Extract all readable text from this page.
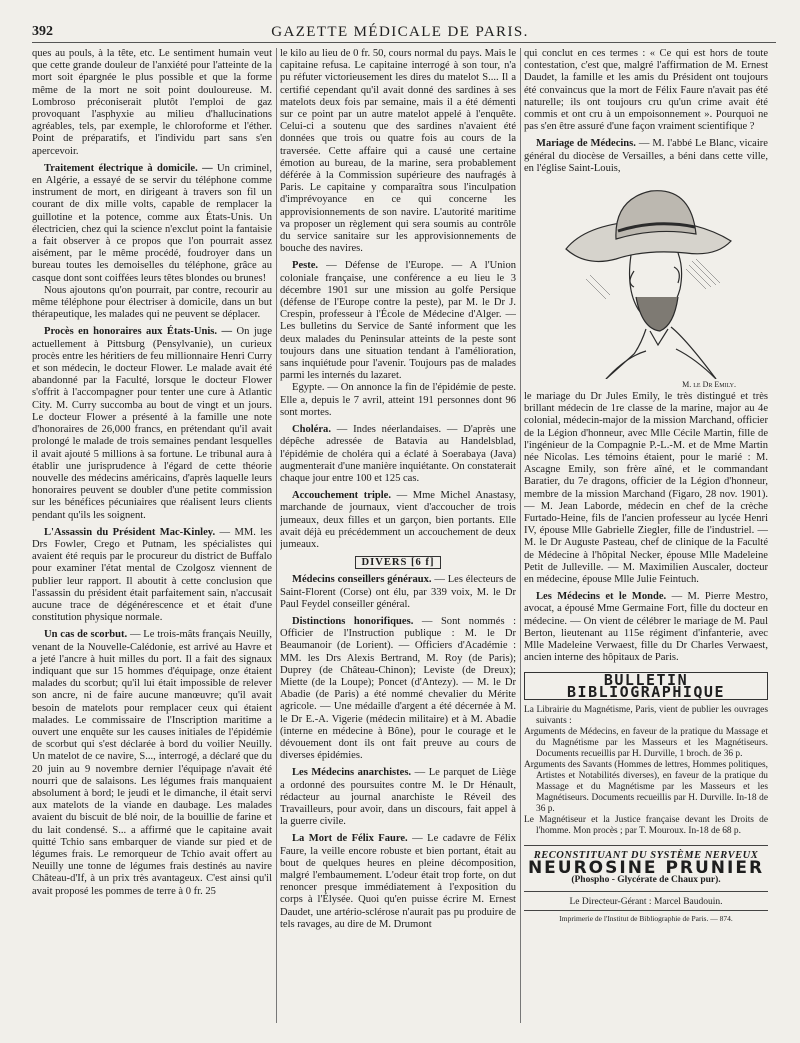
392	GAZETTE MÉDICALE DE PARIS.

ques au pouls, à la tête, etc. Le sentiment humain veut que cette grande douleur de l'anxiété pour l'atteinte de la mort soit épargnée le plus possible et que la forme même de la mort ne soit point douloureuse. M. Lombroso préconiserait plutôt l'emploi de gaz provoquant l'asphyxie au milieu d'hallucinations agréables, tels, par exemple, le chloroforme et l'éther. Point de préparatifs, et l'individu part sans s'en apercevoir.

Traitement électrique à domicile. — Un criminel, en Algérie, a essayé de se servir du téléphone comme instrument de mort, en dirigeant à travers son fil un courant de dix mille volts, capable de remplacer la guillotine et la potence, comme aux États-Unis. Un électricien, chez qui la science n'exclut point la fantaisie a fait observer à ce propos que l'on pourrait assez aisément, par le même procédé, foudroyer dans un bureau toutes les demoiselles du téléphone, grâce au casque dont sont coiffées leurs têtes blondes ou brunes!

Nous ajoutons qu'on pourrait, par contre, recourir au même téléphone pour électriser à domicile, dans un but thérapeutique, les malades qui ne peuvent se déplacer.

Procès en honoraires aux États-Unis. — On juge actuellement à Pittsburg (Pensylvanie), un curieux procès entre les héritiers de feu millionnaire Henri Curry et son médecin, le docteur Flower. Le malade avait été abandonné par la Faculté, lorsque le docteur Flower s'offrit à l'accompagner pour tenter une cure à Atlantic City. M. Curry succomba au bout de vingt et un jours. Le docteur Flower a présenté à la famille une note d'honoraires de 26,000 francs, en prétendant qu'il avait prolongé le malade de trois semaines pendant lesquelles il avait ajouté 5 millions à sa fortune. Le tribunal aura à établir une jurisprudence à l'égard de cette théorie nouvelle des médecins américains, d'après laquelle leurs honoraires peuvent se doubler d'une petite commission sur les bénéfices pécuniaires que réalisent leurs clients pendant qu'ils les soignent.

L'Assassin du Président Mac-Kinley. — MM. les Drs Fowler, Crego et Putnam, les spécialistes qui avaient été requis par le procureur du district de Buffalo pour examiner l'état mental de Czolgosz viennent de publier leur rapport. Il aboutit à cette conclusion que l'assassin du président était parfaitement sain, n'accusait aucune trace de dégénérescence et et était d'une constitution physique normale.

Un cas de scorbut. — Le trois-mâts français Neuilly, venant de la Nouvelle-Calédonie, est arrivé au Havre et a jeté l'ancre à huit milles du port. Il a fait des signaux indiquant que sur 15 hommes d'équipage, onze étaient malades du scorbut; qu'il lui était impossible de relever son ancre, ni de faire aucune manœuvre; qu'il avait besoin de matelots pour remplacer ceux qui étaient malades. Le commissaire de l'Inscription maritime a ouvert une enquête sur les causes initiales de l'épidémie de scorbut qui s'est déclarée à bord du voilier Neuilly. Un matelot de ce navire, S..., interrogé, a déclaré que du 20 juin au 9 novembre dernier l'équipage n'avait été nourri que de salaisons. Les légumes frais manquaient absolument à bord; le jeudi et le dimanche, il était servi aux matelots de la viande en daubage. Les malades avaient du biscuit de blé noir, de la bouillie de farine et du lait condensé. S... a affirmé que le capitaine avait quitté Tchio sans embarquer de viande sur pied et de légumes frais. Le remorqueur de Tchio avait offert au Neuilly une tonne de légumes frais destinés au navire Château-d'If, à un prix très avantageux. C'est ainsi qu'il avait proposé les pommes de terre à 0 fr. 25

le kilo au lieu de 0 fr. 50, cours normal du pays. Mais le capitaine refusa. Le capitaine interrogé à son tour, n'a pu réfuter victorieusement les dires du matelot S.... Il a certifié cependant qu'il avait donné des sardines à ses matelots deux fois par semaine, mais il a été démenti sur ce point par un autre matelot appelé à l'enquête. Celui-ci a soutenu que des sardines n'avaient été données que trois ou quatre fois au cours de la traversée. Cette affaire qui a causé une certaine émotion au bureau, de la marine, sera probablement déférée à la Commission supérieure des naufragés à Paris. Le capitaine y comparaîtra sous l'inculpation d'imprévoyance en ce qui concerne les approvisionnements de son navire. L'autorité maritime va proposer un règlement qui sera soumis au contrôle du service sanitaire sur les approvisionnements de bouche des navires.

Peste. — Défense de l'Europe. — A l'Union coloniale française, une conférence a eu lieu le 3 décembre 1901 sur une mission au golfe Persique (défense de l'Europe contre la peste), par M. le Dr J. Crespin, professeur à l'École de Médecine d'Alger. — Les bulletins du Service de Santé informent que les deux malades du Peninsular atteints de la peste sont toujours dans une situation tendant à l'amélioration, sans inquiétude pour l'avenir. Toujours pas de malades parmi les internés du lazaret.

Egypte. — On annonce la fin de l'épidémie de peste. Elle a, depuis le 7 avril, atteint 191 personnes dont 96 sont mortes.

Choléra. — Indes néerlandaises. — D'après une dépêche adressée de Batavia au Handelsblad, l'épidémie de choléra qui a éclaté à Soerabaya (Java) augmenterait d'une manière inquiétante. On constaterait chaque jour entre 100 et 125 cas.

Accouchement triple. — Mme Michel Anastasy, marchande de journaux, vient d'accoucher de trois jumeaux, deux filles et un garçon, bien portants. Elle avait déjà eu précédemment un accouchement de deux jumeaux.

DIVERS [6 f]

Médecins conseillers généraux. — Les électeurs de Saint-Florent (Corse) ont élu, par 339 voix, M. le Dr Paul Feydel conseiller général.

Distinctions honorifiques. — Sont nommés : Officier de l'Instruction publique : M. le Dr Beaumanoir (de Lorient). — Officiers d'Académie : MM. les Drs Alexis Bertrand, M. Roy (de Paris); Duprey (de Château-Chinon); Leviste (de Dreux); Miette (de la Loupe); Poncet (d'Antezy). — M. le Dr Abadie (de Paris) a été nommé chevalier du Mérite agricole. — Une médaille d'argent a été décernée à M. le Dr E.-A. Vigerie (médecin militaire) et à M. Abadie (interne en médecine à Bône), pour le courage et le dévouement dont ils ont fait preuve au cours de diverses épidémies.

Les Médecins anarchistes. — Le parquet de Liège a ordonné des poursuites contre M. le Dr Hénault, rédacteur au journal anarchiste le Réveil des Travailleurs, pour avoir, dans un discours, fait appel à la guerre civile.

La Mort de Félix Faure. — Le cadavre de Félix Faure, la veille encore robuste et bien portant, était au bout de quelques heures en pleine décomposition, malgré l'embaumement. L'odeur était trop forte, on dut renoncer presque immédiatement à l'exposition du corps à l'Élysée. Quoi qu'en puisse écrire M. Ernest Daudet, une artério-sclérose n'aurait pas pu produire de tels ravages, au dire de M. Drumont

qui conclut en ces termes : « Ce qui est hors de toute contestation, c'est que, malgré l'affirmation de M. Ernest Daudet, la famille et les amis du Président ont toujours été convaincus que la mort de Félix Faure n'avait pas été naturelle; ils ont toujours cru qu'un crime avait été commis et ont cru à un empoisonnement ». Pourquoi ne pas s'en être assuré d'une façon vraiment scientifique ?

Mariage de Médecins. — M. l'abbé Le Blanc, vicaire général du diocèse de Versailles, a béni dans cette ville, en l'église Saint-Louis,

M. le Dr Emily.

le mariage du Dr Jules Emily, le très distingué et très brillant médecin de 1re classe de la marine, major au 4e colonial, médecin-major de la mission Marchand, officier de la Légion d'honneur, avec Mlle Cécile Martin, fille de l'ingénieur de la Compagnie P.-L.-M. et de Mme Martin née Nicolas. Les témoins étaient, pour le marié : M. Ascagne Emily, son frère aîné, et le commandant Baratier, du 7e dragons, officier de la Légion d'honneur, membre de la mission Marchand (Figaro, 28 nov. 1901). — M. Jean Laborde, médecin en chef de la crèche Furtado-Heine, fils de l'ancien professeur au lycée Henri IV, épouse Mlle Gabrielle Ziegler, fille de l'industriel. — M. le Dr Auguste Pasteau, chef de clinique de la Faculté de Médecine à l'hôpital Necker, épouse Mlle Madeleine Petit de Julleville. — M. Maximilien Auscaler, docteur en médecine, épouse Mlle Julie Feintuch.

Les Médecins et le Monde. — M. Pierre Mestro, avocat, a épousé Mme Germaine Fort, fille du docteur en médecine. — On vient de célébrer le mariage de M. Paul Berton, lieutenant au 115e régiment d'infanterie, avec Mlle Madeleine Verwaest, fille du Dr Charles Verwaest, ancien interne des hôpitaux de Paris.

BULLETIN BIBLIOGRAPHIQUE

La Librairie du Magnétisme, Paris, vient de publier les ouvrages suivants :

Arguments de Médecins, en faveur de la pratique du Massage et du Magnétisme par les Masseurs et les Magnétiseurs. Documents recueillis par H. Durville, 1 broch. de 36 p.

Arguments des Savants (Hommes de lettres, Hommes politiques, Artistes et Notabilités diverses), en faveur de la pratique du Massage et du Magnétisme par les Masseurs et les Magnétiseurs. Documents recueillis par H. Durville. In-18 de 36 p.

Le Magnétiseur et la Justice française devant les Droits de l'homme. Mon procès ; par T. Mouroux. In-18 de 68 p.

RECONSTITUANT DU SYSTÈME NERVEUX
NEUROSINE PRUNIER
(Phospho - Glycérate de Chaux pur).
Le Directeur-Gérant : Marcel Baudouin.
Imprimerie de l'Institut de Bibliographie de Paris. — 874.
